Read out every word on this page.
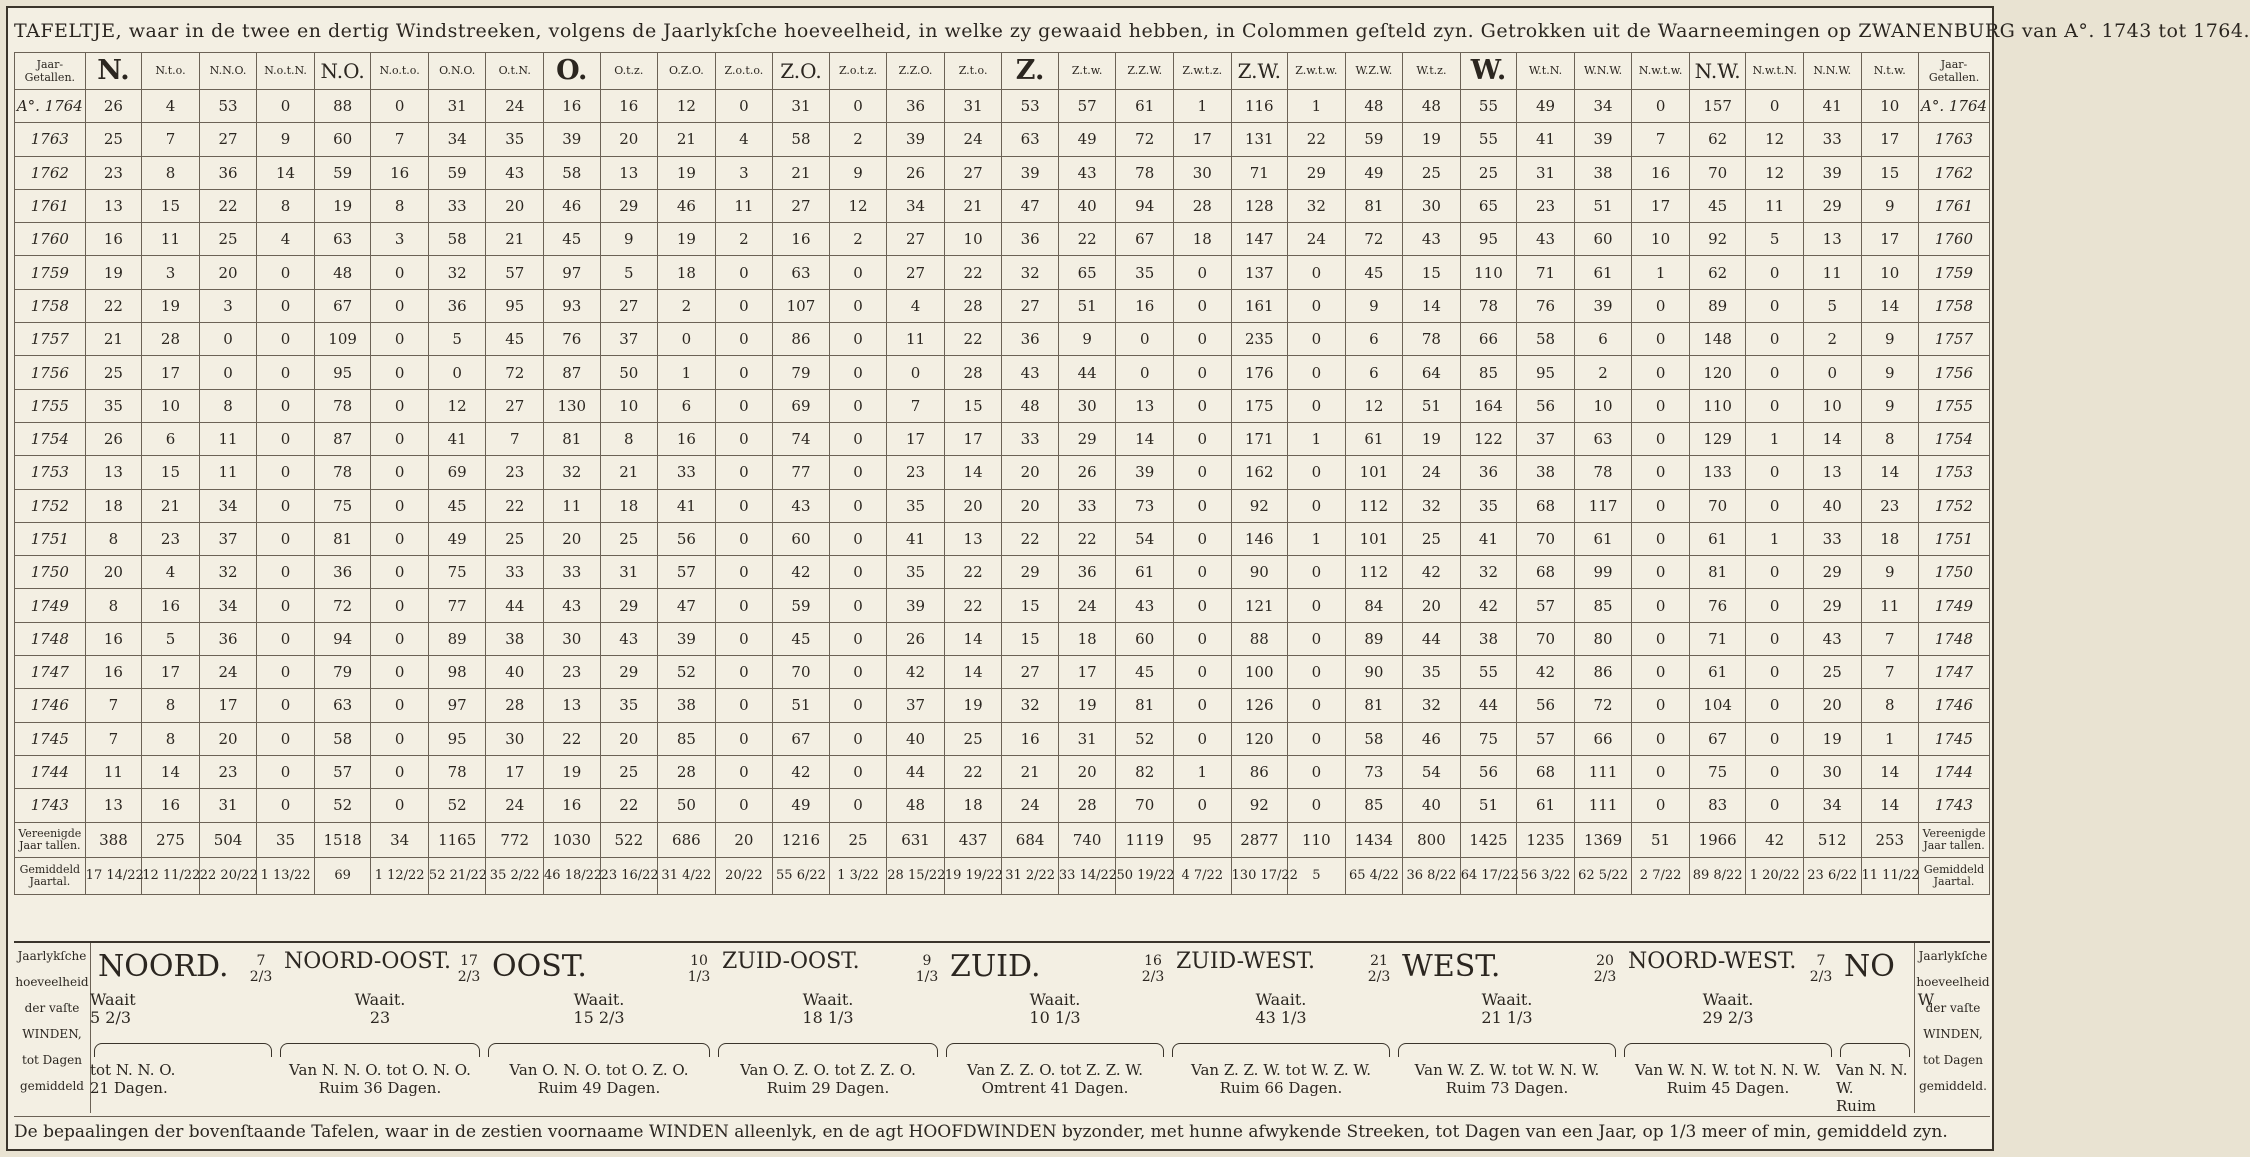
TAFELTJE, waar in de twee en dertig Windstreeken, volgens de Jaarlykſche hoeveelheid, in welke zy gewaaid hebben, in Colommen geſteld zyn. Getrokken uit de Waarneemingen op ZWANENBURG van A°. 1743 tot 1764.
Jaar-Getallen.	N.	N.t.o.	N.N.O.	N.o.t.N.	N.O.	N.o.t.o.	O.N.O.	O.t.N.	O.	O.t.z.	O.Z.O.	Z.o.t.o.	Z.O.	Z.o.t.z.	Z.Z.O.	Z.t.o.	Z.	Z.t.w.	Z.Z.W.	Z.w.t.z.	Z.W.	Z.w.t.w.	W.Z.W.	W.t.z.	W.	W.t.N.	W.N.W.	N.w.t.w.	N.W.	N.w.t.N.	N.N.W.	N.t.w.	Jaar-Getallen.
A°. 1764	26	4	53	0	88	0	31	24	16	16	12	0	31	0	36	31	53	57	61	1	116	1	48	48	55	49	34	0	157	0	41	10	A°. 1764
1763	25	7	27	9	60	7	34	35	39	20	21	4	58	2	39	24	63	49	72	17	131	22	59	19	55	41	39	7	62	12	33	17	1763
1762	23	8	36	14	59	16	59	43	58	13	19	3	21	9	26	27	39	43	78	30	71	29	49	25	25	31	38	16	70	12	39	15	1762
1761	13	15	22	8	19	8	33	20	46	29	46	11	27	12	34	21	47	40	94	28	128	32	81	30	65	23	51	17	45	11	29	9	1761
1760	16	11	25	4	63	3	58	21	45	9	19	2	16	2	27	10	36	22	67	18	147	24	72	43	95	43	60	10	92	5	13	17	1760
1759	19	3	20	0	48	0	32	57	97	5	18	0	63	0	27	22	32	65	35	0	137	0	45	15	110	71	61	1	62	0	11	10	1759
1758	22	19	3	0	67	0	36	95	93	27	2	0	107	0	4	28	27	51	16	0	161	0	9	14	78	76	39	0	89	0	5	14	1758
1757	21	28	0	0	109	0	5	45	76	37	0	0	86	0	11	22	36	9	0	0	235	0	6	78	66	58	6	0	148	0	2	9	1757
1756	25	17	0	0	95	0	0	72	87	50	1	0	79	0	0	28	43	44	0	0	176	0	6	64	85	95	2	0	120	0	0	9	1756
1755	35	10	8	0	78	0	12	27	130	10	6	0	69	0	7	15	48	30	13	0	175	0	12	51	164	56	10	0	110	0	10	9	1755
1754	26	6	11	0	87	0	41	7	81	8	16	0	74	0	17	17	33	29	14	0	171	1	61	19	122	37	63	0	129	1	14	8	1754
1753	13	15	11	0	78	0	69	23	32	21	33	0	77	0	23	14	20	26	39	0	162	0	101	24	36	38	78	0	133	0	13	14	1753
1752	18	21	34	0	75	0	45	22	11	18	41	0	43	0	35	20	20	33	73	0	92	0	112	32	35	68	117	0	70	0	40	23	1752
1751	8	23	37	0	81	0	49	25	20	25	56	0	60	0	41	13	22	22	54	0	146	1	101	25	41	70	61	0	61	1	33	18	1751
1750	20	4	32	0	36	0	75	33	33	31	57	0	42	0	35	22	29	36	61	0	90	0	112	42	32	68	99	0	81	0	29	9	1750
1749	8	16	34	0	72	0	77	44	43	29	47	0	59	0	39	22	15	24	43	0	121	0	84	20	42	57	85	0	76	0	29	11	1749
1748	16	5	36	0	94	0	89	38	30	43	39	0	45	0	26	14	15	18	60	0	88	0	89	44	38	70	80	0	71	0	43	7	1748
1747	16	17	24	0	79	0	98	40	23	29	52	0	70	0	42	14	27	17	45	0	100	0	90	35	55	42	86	0	61	0	25	7	1747
1746	7	8	17	0	63	0	97	28	13	35	38	0	51	0	37	19	32	19	81	0	126	0	81	32	44	56	72	0	104	0	20	8	1746
1745	7	8	20	0	58	0	95	30	22	20	85	0	67	0	40	25	16	31	52	0	120	0	58	46	75	57	66	0	67	0	19	1	1745
1744	11	14	23	0	57	0	78	17	19	25	28	0	42	0	44	22	21	20	82	1	86	0	73	54	56	68	111	0	75	0	30	14	1744
1743	13	16	31	0	52	0	52	24	16	22	50	0	49	0	48	18	24	28	70	0	92	0	85	40	51	61	111	0	83	0	34	14	1743
Vereenigde Jaar tallen.	388	275	504	35	1518	34	1165	772	1030	522	686	20	1216	25	631	437	684	740	1119	95	2877	110	1434	800	1425	1235	1369	51	1966	42	512	253	Vereenigde Jaar tallen.
Gemiddeld Jaartal.	17 14/22	12 11/22	22 20/22	1 13/22	69	1 12/22	52 21/22	35 2/22	46 18/22	23 16/22	31 4/22	20/22	55 6/22	1 3/22	28 15/22	19 19/22	31 2/22	33 14/22	50 19/22	4 7/22	130 17/22	5	65 4/22	36 8/22	64 17/22	56 3/22	62 5/22	2 7/22	89 8/22	1 20/22	23 6/22	11 11/22	Gemiddeld Jaartal.
Jaarlykſche
hoeveelheid
der vaſte
WINDEN,
tot Dagen
gemiddeld
Jaarlykſche
hoeveelheid
der vaſte
WINDEN,
tot Dagen
gemiddeld.
NOORD.	7 2/3
Waait
5 2/3
tot N. N. O.
21 Dagen.
NOORD-OOST. 17 2/3
Waait.
23
Van N. N. O. tot O. N. O.
Ruim 36 Dagen.
OOST.	10 1/3
Waait.
15 2/3
Van O. N. O. tot O. Z. O.
Ruim 49 Dagen.
ZUID-OOST.	9 1/3
Waait.
18 1/3
Van O. Z. O. tot Z. Z. O.
Ruim 29 Dagen.
ZUID.	16 2/3
Waait.
10 1/3
Van Z. Z. O. tot Z. Z. W.
Omtrent 41 Dagen.
ZUID-WEST.	21 2/3
Waait.
43 1/3
Van Z. Z. W. tot W. Z. W.
Ruim 66 Dagen.
WEST.	20 2/3
Waait.
21 1/3
Van W. Z. W. tot W. N. W.
Ruim 73 Dagen.
NOORD-WEST.	7 2/3
Waait.
29 2/3
Van W. N. W. tot N. N. W.
Ruim 45 Dagen.
NO
W
Van N. N. W.
Ruim
De bepaalingen der bovenſtaande Tafelen, waar in de zestien voornaame WINDEN alleenlyk, en de agt HOOFDWINDEN byzonder, met hunne afwykende Streeken, tot Dagen van een Jaar, op 1/3 meer of min, gemiddeld zyn.
